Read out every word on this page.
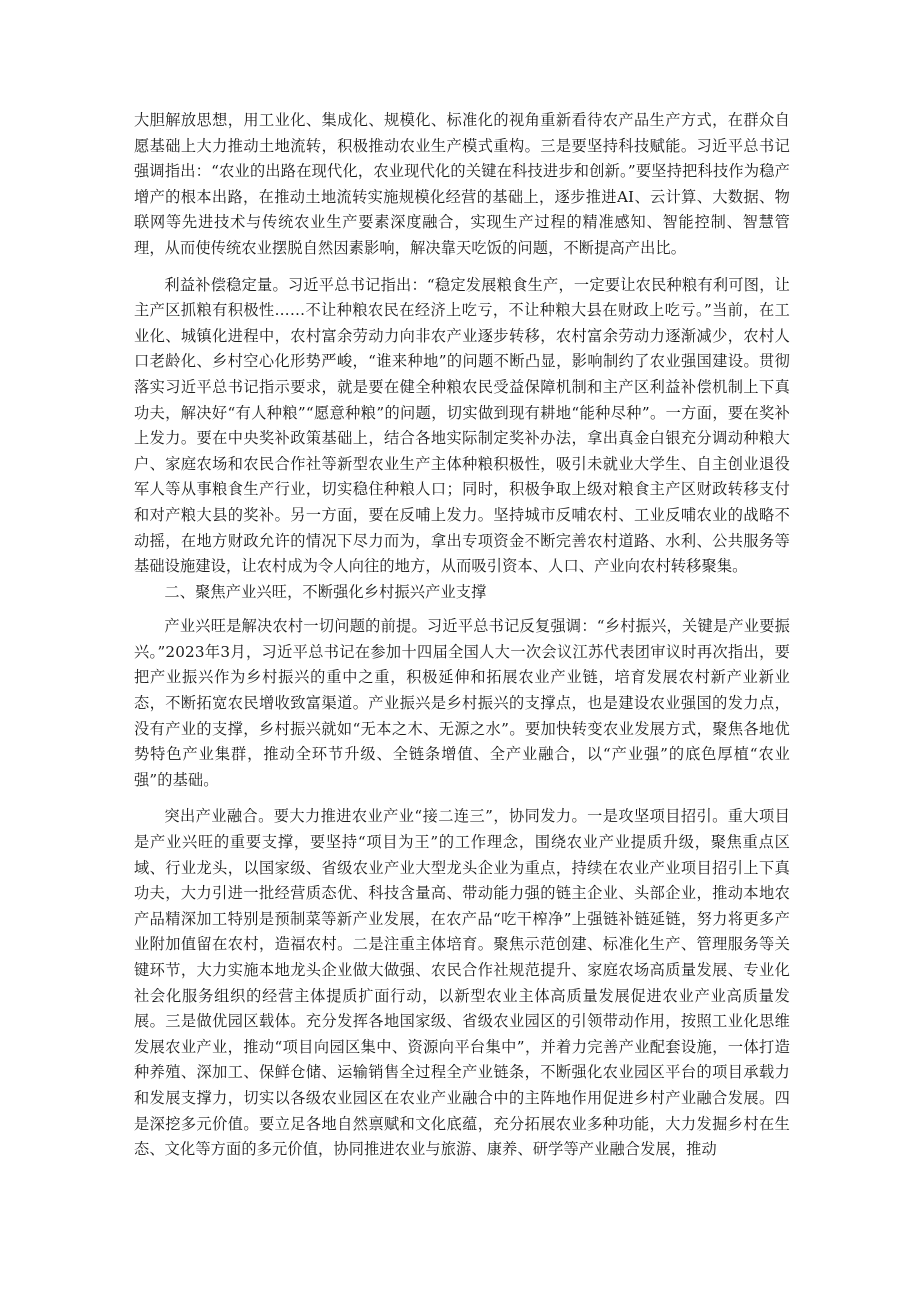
大胆解放思想，用工业化、集成化、规模化、标准化的视角重新看待农产品生产方式，在群众自愿基础上大力推动土地流转，积极推动农业生产模式重构。三是要坚持科技赋能。习近平总书记强调指出：“农业的出路在现代化，农业现代化的关键在科技进步和创新。”要坚持把科技作为稳产增产的根本出路，在推动土地流转实施规模化经营的基础上，逐步推进AI、云计算、大数据、物联网等先进技术与传统农业生产要素深度融合，实现生产过程的精准感知、智能控制、智慧管理，从而使传统农业摆脱自然因素影响，解决靠天吃饭的问题，不断提高产出比。

利益补偿稳定量。习近平总书记指出：“稳定发展粮食生产，一定要让农民种粮有利可图，让主产区抓粮有积极性……不让种粮农民在经济上吃亏，不让种粮大县在财政上吃亏。”当前，在工业化、城镇化进程中，农村富余劳动力向非农产业逐步转移，农村富余劳动力逐渐减少，农村人口老龄化、乡村空心化形势严峻，“谁来种地”的问题不断凸显，影响制约了农业强国建设。贯彻落实习近平总书记指示要求，就是要在健全种粮农民受益保障机制和主产区利益补偿机制上下真功夫，解决好“有人种粮”“愿意种粮”的问题，切实做到现有耕地“能种尽种”。一方面，要在奖补上发力。要在中央奖补政策基础上，结合各地实际制定奖补办法，拿出真金白银充分调动种粮大户、家庭农场和农民合作社等新型农业生产主体种粮积极性，吸引未就业大学生、自主创业退役军人等从事粮食生产行业，切实稳住种粮人口；同时，积极争取上级对粮食主产区财政转移支付和对产粮大县的奖补。另一方面，要在反哺上发力。坚持城市反哺农村、工业反哺农业的战略不动摇，在地方财政允许的情况下尽力而为，拿出专项资金不断完善农村道路、水利、公共服务等基础设施建设，让农村成为令人向往的地方，从而吸引资本、人口、产业向农村转移聚集。

二、聚焦产业兴旺，不断强化乡村振兴产业支撑

产业兴旺是解决农村一切问题的前提。习近平总书记反复强调：“乡村振兴，关键是产业要振兴。”2023年3月，习近平总书记在参加十四届全国人大一次会议江苏代表团审议时再次指出，要把产业振兴作为乡村振兴的重中之重，积极延伸和拓展农业产业链，培育发展农村新产业新业态，不断拓宽农民增收致富渠道。产业振兴是乡村振兴的支撑点，也是建设农业强国的发力点，没有产业的支撑，乡村振兴就如“无本之木、无源之水”。要加快转变农业发展方式，聚焦各地优势特色产业集群，推动全环节升级、全链条增值、全产业融合，以“产业强”的底色厚植“农业强”的基础。

突出产业融合。要大力推进农业产业“接二连三”，协同发力。一是攻坚项目招引。重大项目是产业兴旺的重要支撑，要坚持“项目为王”的工作理念，围绕农业产业提质升级，聚焦重点区域、行业龙头，以国家级、省级农业产业大型龙头企业为重点，持续在农业产业项目招引上下真功夫，大力引进一批经营质态优、科技含量高、带动能力强的链主企业、头部企业，推动本地农产品精深加工特别是预制菜等新产业发展，在农产品“吃干榨净”上强链补链延链，努力将更多产业附加值留在农村，造福农村。二是注重主体培育。聚焦示范创建、标准化生产、管理服务等关键环节，大力实施本地龙头企业做大做强、农民合作社规范提升、家庭农场高质量发展、专业化社会化服务组织的经营主体提质扩面行动，以新型农业主体高质量发展促进农业产业高质量发展。三是做优园区载体。充分发挥各地国家级、省级农业园区的引领带动作用，按照工业化思维发展农业产业，推动“项目向园区集中、资源向平台集中”，并着力完善产业配套设施，一体打造种养殖、深加工、保鲜仓储、运输销售全过程全产业链条，不断强化农业园区平台的项目承载力和发展支撑力，切实以各级农业园区在农业产业融合中的主阵地作用促进乡村产业融合发展。四是深挖多元价值。要立足各地自然禀赋和文化底蕴，充分拓展农业多种功能，大力发掘乡村在生态、文化等方面的多元价值，协同推进农业与旅游、康养、研学等产业融合发展，推动
